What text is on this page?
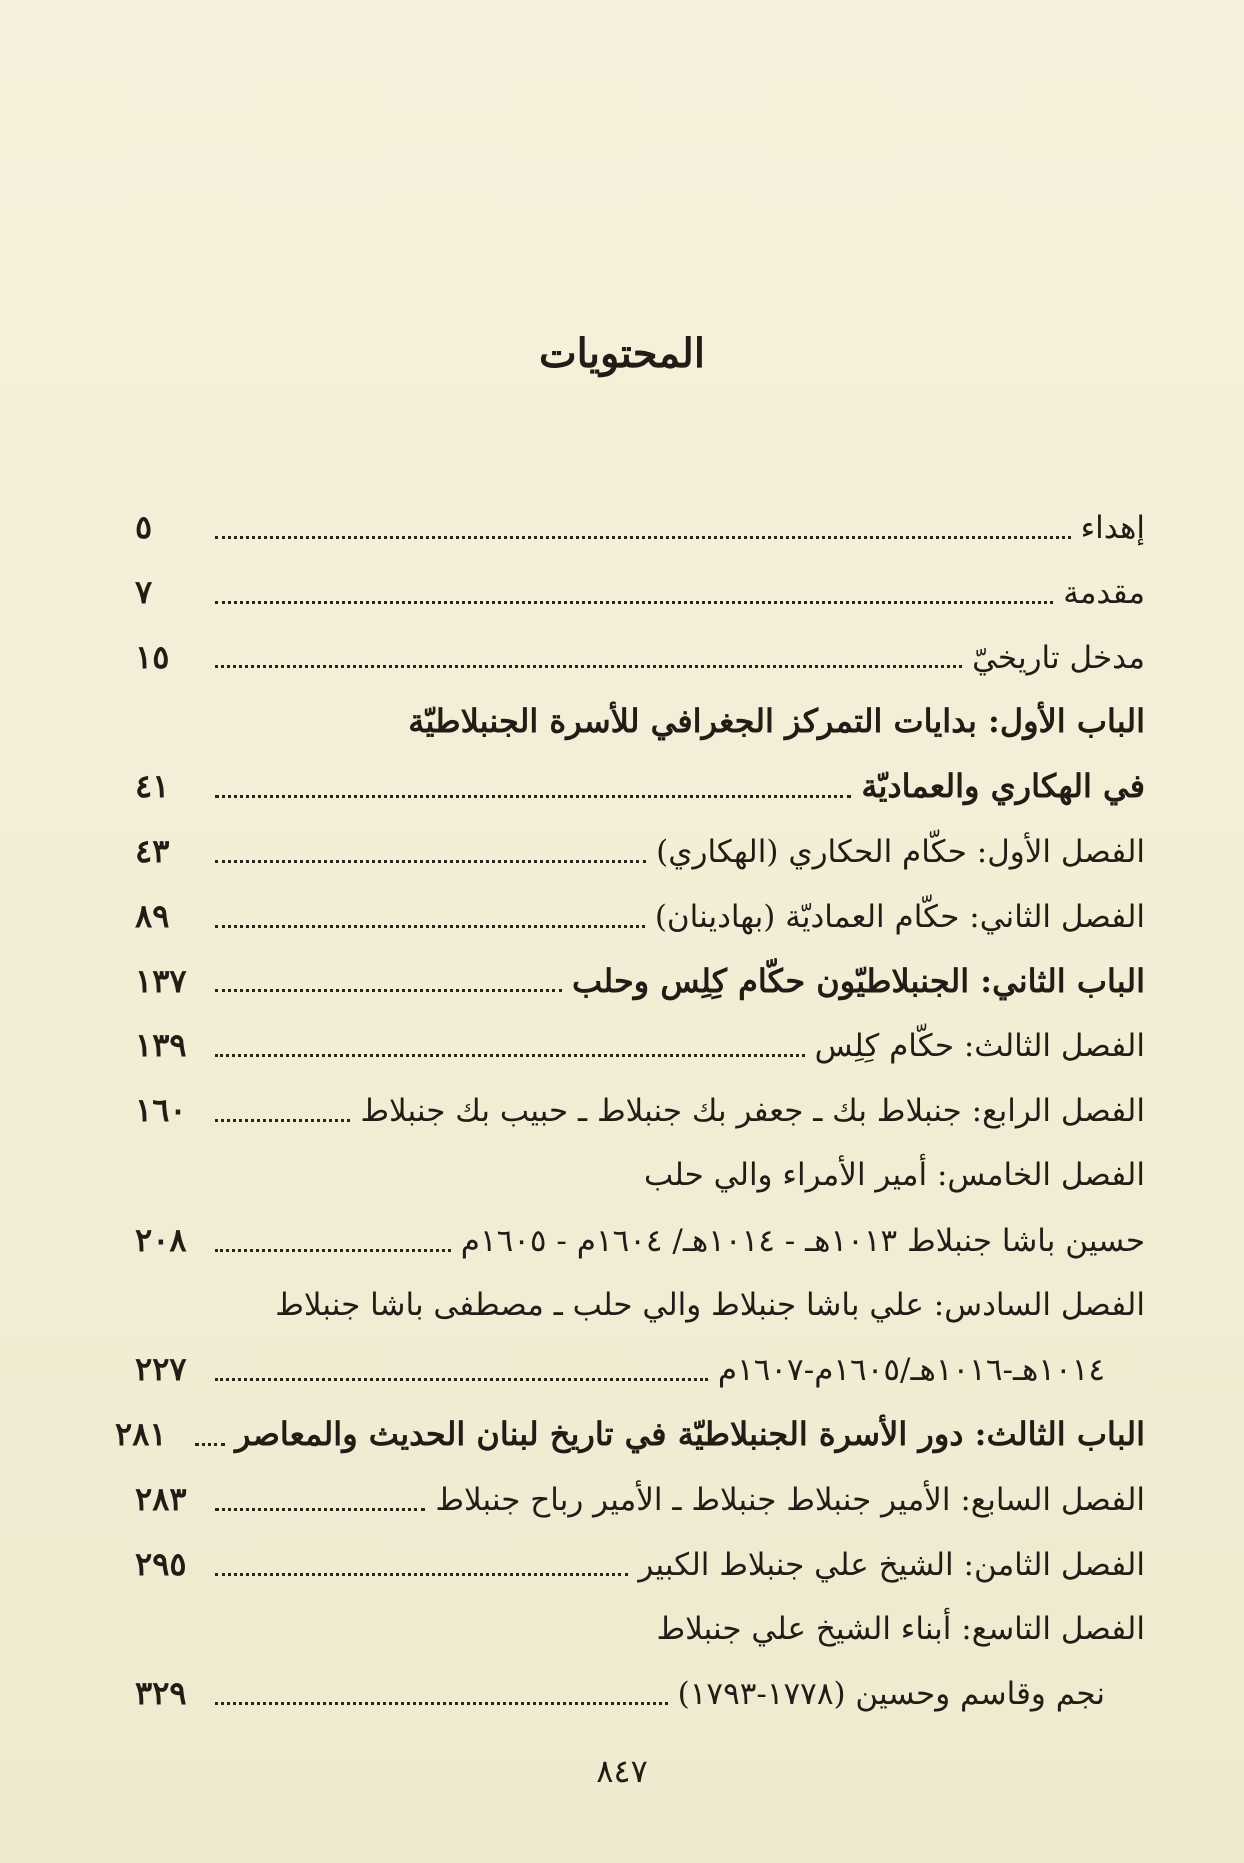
المحتويات
إهداء
٥
مقدمة
٧
مدخل تاريخيّ
١٥
الباب الأول: بدايات التمركز الجغرافي للأسرة الجنبلاطيّة
في الهكاري والعماديّة
٤١
الفصل الأول: حكّام الحكاري (الهكاري)
٤٣
الفصل الثاني: حكّام العماديّة (بهادينان)
٨٩
الباب الثاني: الجنبلاطيّون حكّام كِلِس وحلب
١٣٧
الفصل الثالث: حكّام كِلِس
١٣٩
الفصل الرابع: جنبلاط بك ـ جعفر بك جنبلاط ـ حبيب بك جنبلاط
١٦٠
الفصل الخامس: أمير الأمراء والي حلب
حسين باشا جنبلاط ١٠١٣هـ - ١٠١٤هـ/ ١٦٠٤م - ١٦٠٥م
٢٠٨
الفصل السادس: علي باشا جنبلاط والي حلب ـ مصطفى باشا جنبلاط
١٠١٤هـ-١٠١٦هـ/١٦٠٥م-١٦٠٧م
٢٢٧
الباب الثالث: دور الأسرة الجنبلاطيّة في تاريخ لبنان الحديث والمعاصر
٢٨١
الفصل السابع: الأمير جنبلاط جنبلاط ـ الأمير رباح جنبلاط
٢٨٣
الفصل الثامن: الشيخ علي جنبلاط الكبير
٢٩٥
الفصل التاسع: أبناء الشيخ علي جنبلاط
نجم وقاسم وحسين (١٧٧٨-١٧٩٣)
٣٢٩
٨٤٧
